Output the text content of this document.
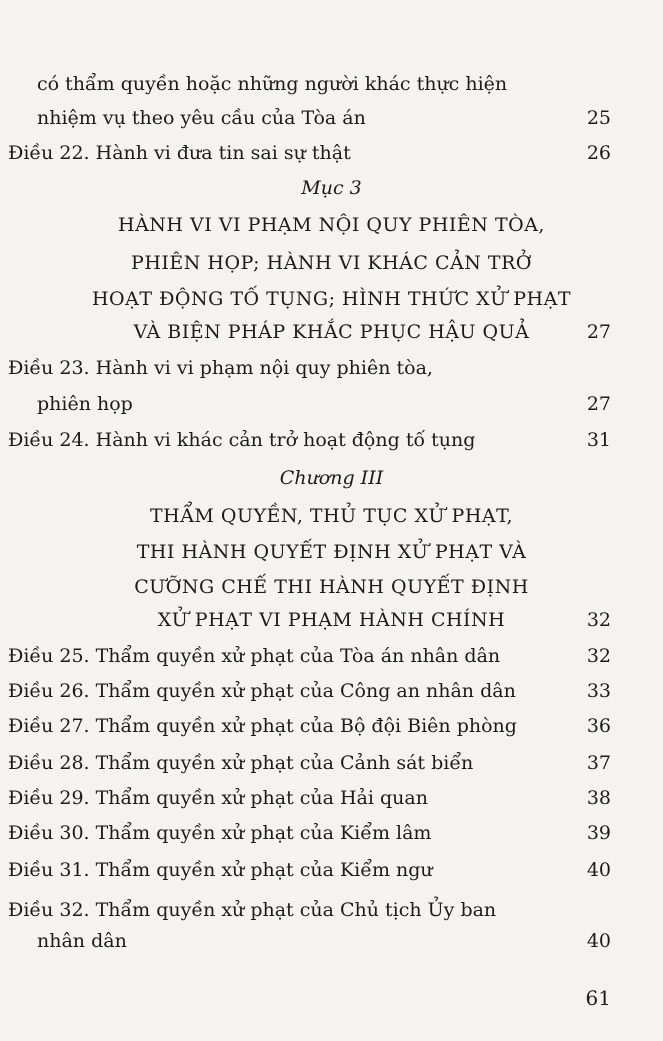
có thẩm quyền hoặc những người khác thực hiện
nhiệm vụ theo yêu cầu của Tòa án	25
Điều 22. Hành vi đưa tin sai sự thật	26
Mục 3
HÀNH VI VI PHẠM NỘI QUY PHIÊN TÒA,
PHIÊN HỌP; HÀNH VI KHÁC CẢN TRỞ
HOẠT ĐỘNG TỐ TỤNG; HÌNH THỨC XỬ PHẠT
VÀ BIỆN PHÁP KHẮC PHỤC HẬU QUẢ	27
Điều 23. Hành vi vi phạm nội quy phiên tòa,
phiên họp	27
Điều 24. Hành vi khác cản trở hoạt động tố tụng	31
Chương III
THẨM QUYỀN, THỦ TỤC XỬ PHẠT,
THI HÀNH QUYẾT ĐỊNH XỬ PHẠT VÀ
CƯỠNG CHẾ THI HÀNH QUYẾT ĐỊNH
XỬ PHẠT VI PHẠM HÀNH CHÍNH	32
Điều 25. Thẩm quyền xử phạt của Tòa án nhân dân	32
Điều 26. Thẩm quyền xử phạt của Công an nhân dân	33
Điều 27. Thẩm quyền xử phạt của Bộ đội Biên phòng	36
Điều 28. Thẩm quyền xử phạt của Cảnh sát biển	37
Điều 29. Thẩm quyền xử phạt của Hải quan	38
Điều 30. Thẩm quyền xử phạt của Kiểm lâm	39
Điều 31. Thẩm quyền xử phạt của Kiểm ngư	40
Điều 32. Thẩm quyền xử phạt của Chủ tịch Ủy ban
nhân dân	40
61
